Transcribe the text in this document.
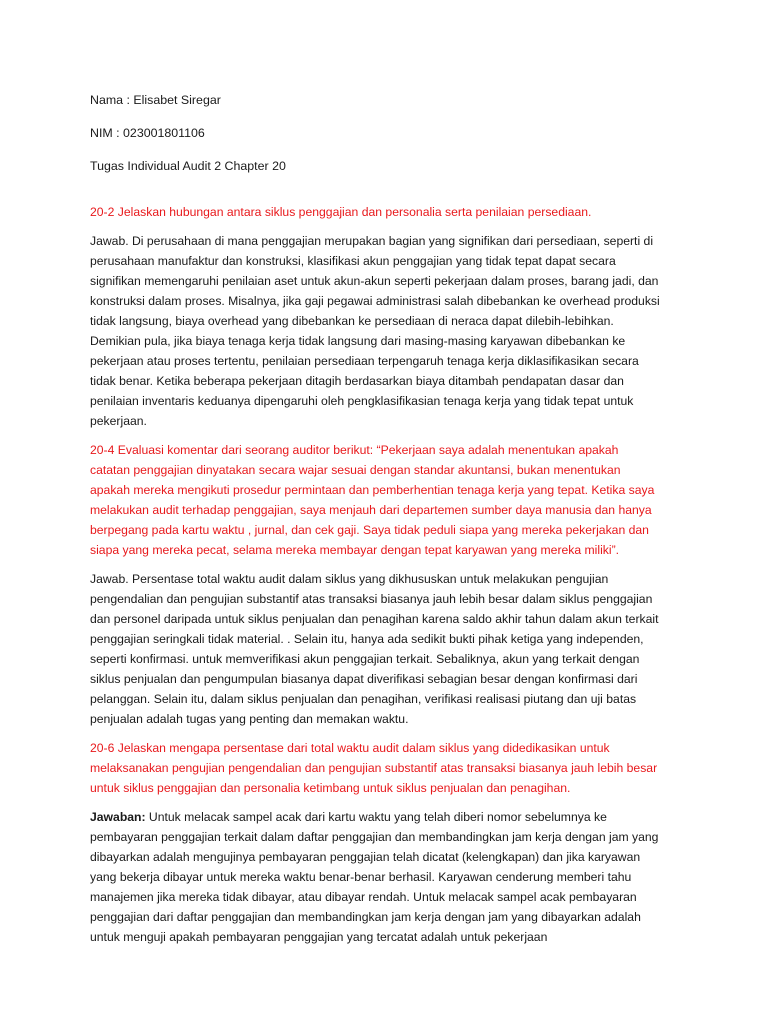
Nama : Elisabet Siregar

NIM : 023001801106

Tugas Individual Audit 2 Chapter 20

20-2 Jelaskan hubungan antara siklus penggajian dan personalia serta penilaian persediaan.

Jawab. Di perusahaan di mana penggajian merupakan bagian yang signifikan dari persediaan, seperti di perusahaan manufaktur dan konstruksi, klasifikasi akun penggajian yang tidak tepat dapat secara signifikan memengaruhi penilaian aset untuk akun-akun seperti pekerjaan dalam proses, barang jadi, dan konstruksi dalam proses. Misalnya, jika gaji pegawai administrasi salah dibebankan ke overhead produksi tidak langsung, biaya overhead yang dibebankan ke persediaan di neraca dapat dilebih-lebihkan. Demikian pula, jika biaya tenaga kerja tidak langsung dari masing-masing karyawan dibebankan ke pekerjaan atau proses tertentu, penilaian persediaan terpengaruh tenaga kerja diklasifikasikan secara tidak benar. Ketika beberapa pekerjaan ditagih berdasarkan biaya ditambah pendapatan dasar dan penilaian inventaris keduanya dipengaruhi oleh pengklasifikasian tenaga kerja yang tidak tepat untuk pekerjaan.

20-4 Evaluasi komentar dari seorang auditor berikut: “Pekerjaan saya adalah menentukan apakah catatan penggajian dinyatakan secara wajar sesuai dengan standar akuntansi, bukan menentukan apakah mereka mengikuti prosedur permintaan dan pemberhentian tenaga kerja yang tepat. Ketika saya melakukan audit terhadap penggajian, saya menjauh dari departemen sumber daya manusia dan hanya berpegang pada kartu waktu , jurnal, dan cek gaji. Saya tidak peduli siapa yang mereka pekerjakan dan siapa yang mereka pecat, selama mereka membayar dengan tepat karyawan yang mereka miliki”.

Jawab. Persentase total waktu audit dalam siklus yang dikhususkan untuk melakukan pengujian pengendalian dan pengujian substantif atas transaksi biasanya jauh lebih besar dalam siklus penggajian dan personel daripada untuk siklus penjualan dan penagihan karena saldo akhir tahun dalam akun terkait penggajian seringkali tidak material. . Selain itu, hanya ada sedikit bukti pihak ketiga yang independen, seperti konfirmasi. untuk memverifikasi akun penggajian terkait. Sebaliknya, akun yang terkait dengan siklus penjualan dan pengumpulan biasanya dapat diverifikasi sebagian besar dengan konfirmasi dari pelanggan. Selain itu, dalam siklus penjualan dan penagihan, verifikasi realisasi piutang dan uji batas penjualan adalah tugas yang penting dan memakan waktu.

20-6 Jelaskan mengapa persentase dari total waktu audit dalam siklus yang didedikasikan untuk melaksanakan pengujian pengendalian dan pengujian substantif atas transaksi biasanya jauh lebih besar untuk siklus penggajian dan personalia ketimbang untuk siklus penjualan dan penagihan.

Jawaban: Untuk melacak sampel acak dari kartu waktu yang telah diberi nomor sebelumnya ke pembayaran penggajian terkait dalam daftar penggajian dan membandingkan jam kerja dengan jam yang dibayarkan adalah mengujinya pembayaran penggajian telah dicatat (kelengkapan) dan jika karyawan yang bekerja dibayar untuk mereka waktu benar-benar berhasil. Karyawan cenderung memberi tahu manajemen jika mereka tidak dibayar, atau dibayar rendah. Untuk melacak sampel acak pembayaran penggajian dari daftar penggajian dan membandingkan jam kerja dengan jam yang dibayarkan adalah untuk menguji apakah pembayaran penggajian yang tercatat adalah untuk pekerjaan
